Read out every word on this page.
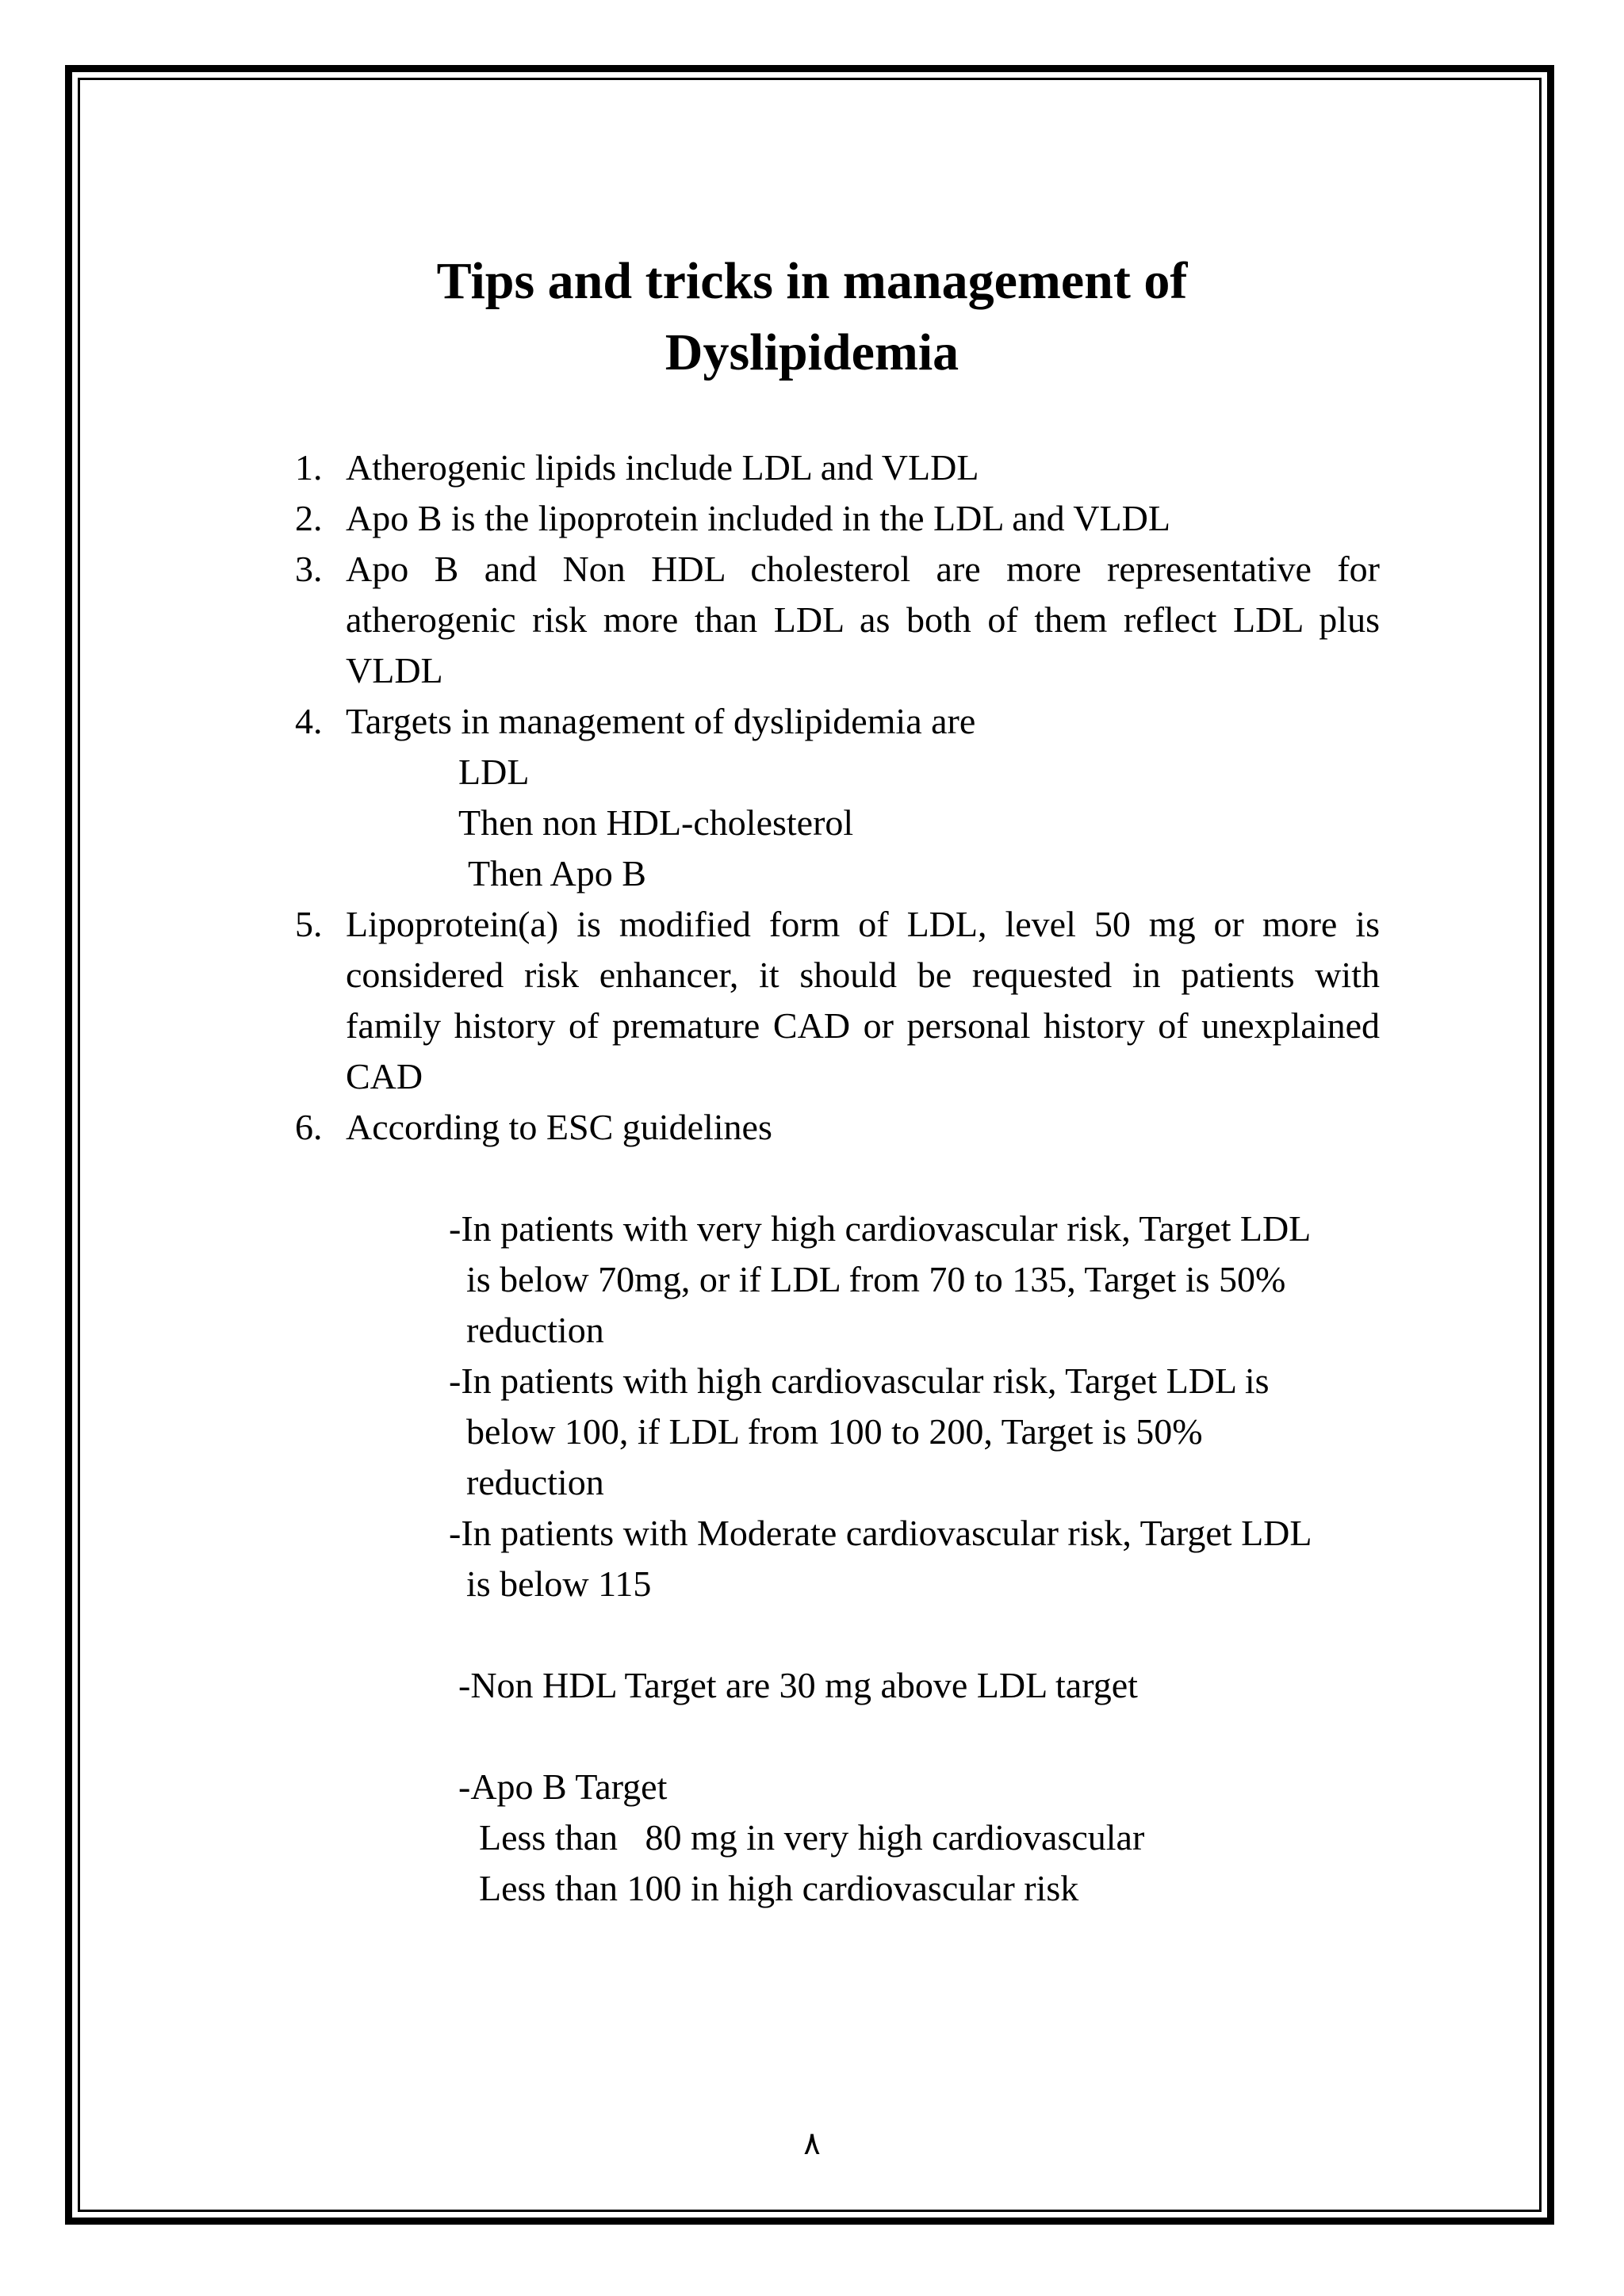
Tips and tricks in management of
Dyslipidemia
1. Atherogenic lipids include LDL and VLDL
2. Apo B is the lipoprotein included in the LDL and VLDL
3. Apo B and Non HDL cholesterol are more representative for atherogenic risk more than LDL as both of them reflect LDL plus VLDL
4. Targets in management of dyslipidemia are
LDL
Then non HDL-cholesterol
Then Apo B
5. Lipoprotein(a) is modified form of LDL, level 50 mg or more is considered risk enhancer, it should be requested in patients with family history of premature CAD or personal history of unexplained CAD
6. According to ESC guidelines
-In patients with very high cardiovascular risk, Target LDL
is below 70mg, or if LDL from 70 to 135, Target is 50%
reduction
-In patients with high cardiovascular risk, Target LDL is
below 100, if LDL from 100 to 200, Target is 50%
reduction
-In patients with Moderate cardiovascular risk, Target LDL
is below 115
-Non HDL Target are 30 mg above LDL target
-Apo B Target
Less than   80 mg in very high cardiovascular
Less than 100 in high cardiovascular risk
٨
